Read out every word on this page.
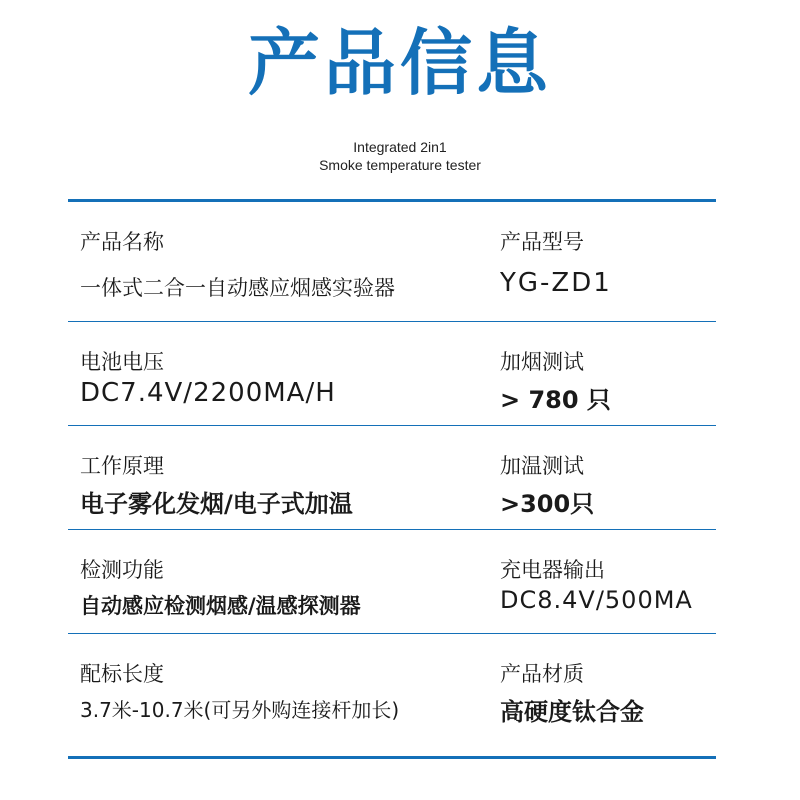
产品信息
Integrated 2in1
Smoke temperature tester
产品名称
一体式二合一自动感应烟感实验器
产品型号
YG-ZD1
电池电压
DC7.4V/2200MA/H
加烟测试
> 780 只
工作原理
电子雾化发烟/电子式加温
加温测试
>300只
检测功能
自动感应检测烟感/温感探测器
充电器输出
DC8.4V/500MA
配标长度
3.7米-10.7米(可另外购连接杆加长)
产品材质
高硬度钛合金
